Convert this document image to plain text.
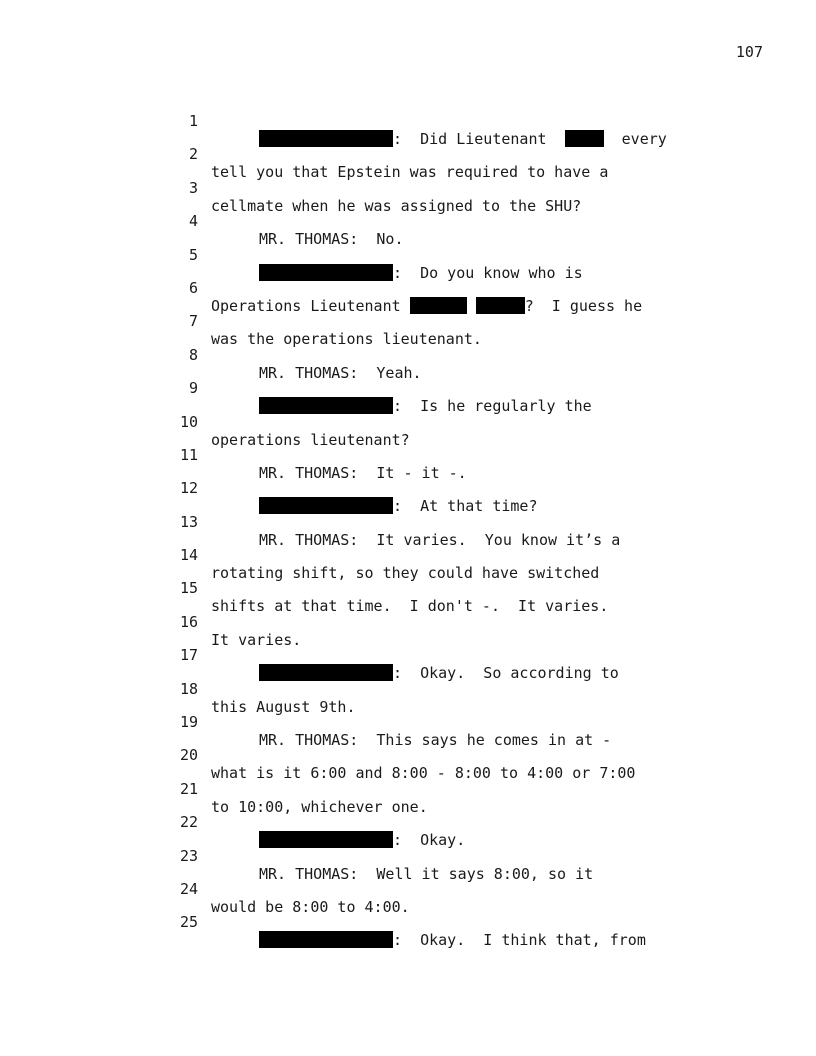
107

1

:  Did Lieutenant	every

2

tell you that Epstein was required to have a

3

cellmate when he was assigned to the SHU?

4

MR. THOMAS:  No.

5

:  Do you know who is

6

Operations Lieutenant	?  I guess he

7

was the operations lieutenant.

8

MR. THOMAS:  Yeah.

9

:  Is he regularly the

10

operations lieutenant?

11

MR. THOMAS:  It - it -.

12

:  At that time?

13

MR. THOMAS:  It varies.  You know it’s a

14

rotating shift, so they could have switched

15

shifts at that time.  I don't -.  It varies.

16

It varies.

17

:  Okay.  So according to

18

this August 9th.

19

MR. THOMAS:  This says he comes in at -

20

what is it 6:00 and 8:00 - 8:00 to 4:00 or 7:00

21

to 10:00, whichever one.

22

:  Okay.

23

MR. THOMAS:  Well it says 8:00, so it

24

would be 8:00 to 4:00.

25

:  Okay.  I think that, from
